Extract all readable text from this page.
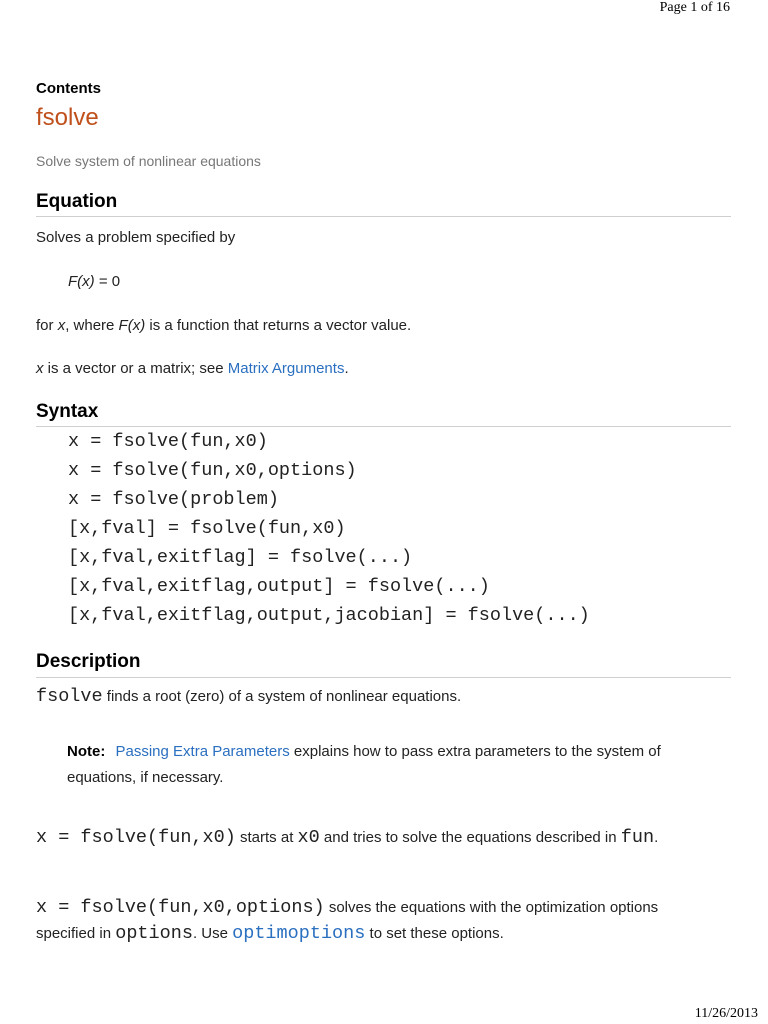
Page 1 of 16
Contents
fsolve
Solve system of nonlinear equations
Equation
Solves a problem specified by
F(x) = 0
for x, where F(x) is a function that returns a vector value.
x is a vector or a matrix; see Matrix Arguments.
Syntax
x = fsolve(fun,x0)
x = fsolve(fun,x0,options)
x = fsolve(problem)
[x,fval] = fsolve(fun,x0)
[x,fval,exitflag] = fsolve(...)
[x,fval,exitflag,output] = fsolve(...)
[x,fval,exitflag,output,jacobian] = fsolve(...)
Description
fsolve finds a root (zero) of a system of nonlinear equations.
Note: Passing Extra Parameters explains how to pass extra parameters to the system of equations, if necessary.
x = fsolve(fun,x0) starts at x0 and tries to solve the equations described in fun.
x = fsolve(fun,x0,options) solves the equations with the optimization options specified in options. Use optimoptions to set these options.
11/26/2013
